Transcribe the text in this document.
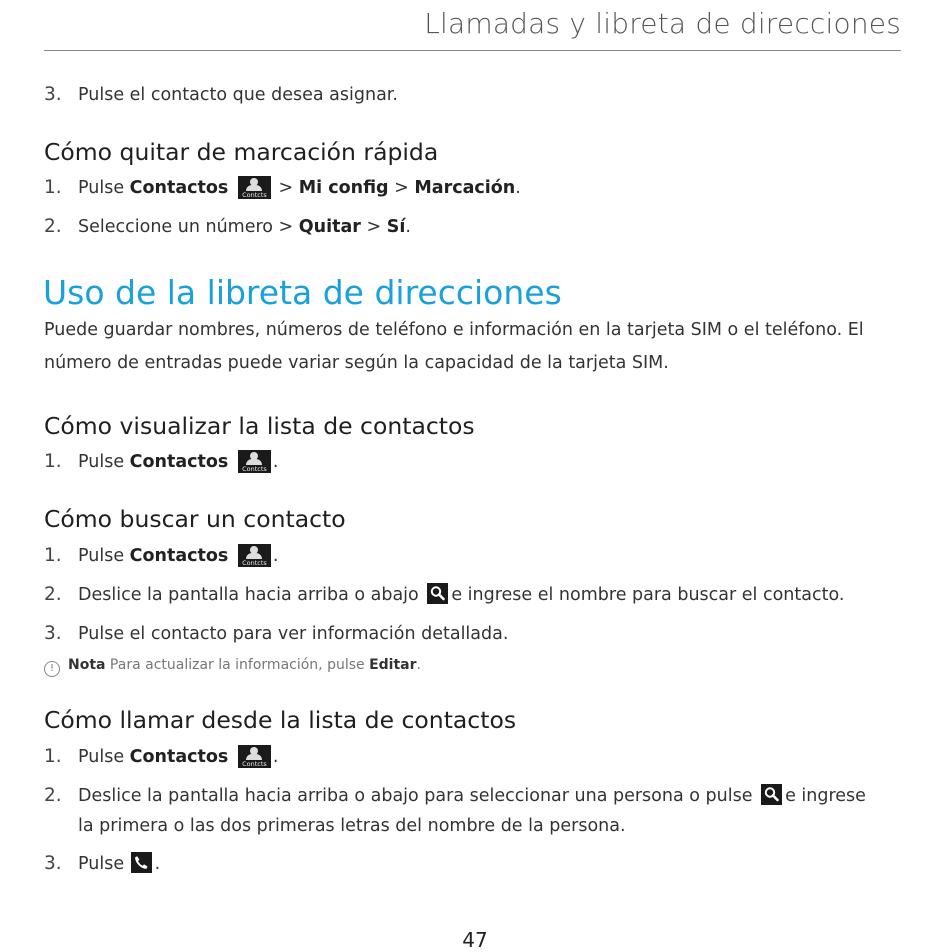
Llamadas y libreta de direcciones
3. Pulse el contacto que desea asignar.
Cómo quitar de marcación rápida
1. Pulse Contactos	Contcts > Mi config > Marcación.
2. Seleccione un número > Quitar > Sí.
Uso de la libreta de direcciones
Puede guardar nombres, números de teléfono e información en la tarjeta SIM o el teléfono. El número de entradas puede variar según la capacidad de la tarjeta SIM.
Cómo visualizar la lista de contactos
1. Pulse Contactos	Contcts .
Cómo buscar un contacto
1. Pulse Contactos	Contcts .
2. Deslice la pantalla hacia arriba o abajo e ingrese el nombre para buscar el contacto.
3. Pulse el contacto para ver información detallada.
! Nota Para actualizar la información, pulse Editar.
Cómo llamar desde la lista de contactos
1. Pulse Contactos	Contcts .
2. Deslice la pantalla hacia arriba o abajo para seleccionar una persona o pulse e ingrese
la primera o las dos primeras letras del nombre de la persona.
3. Pulse .
47
